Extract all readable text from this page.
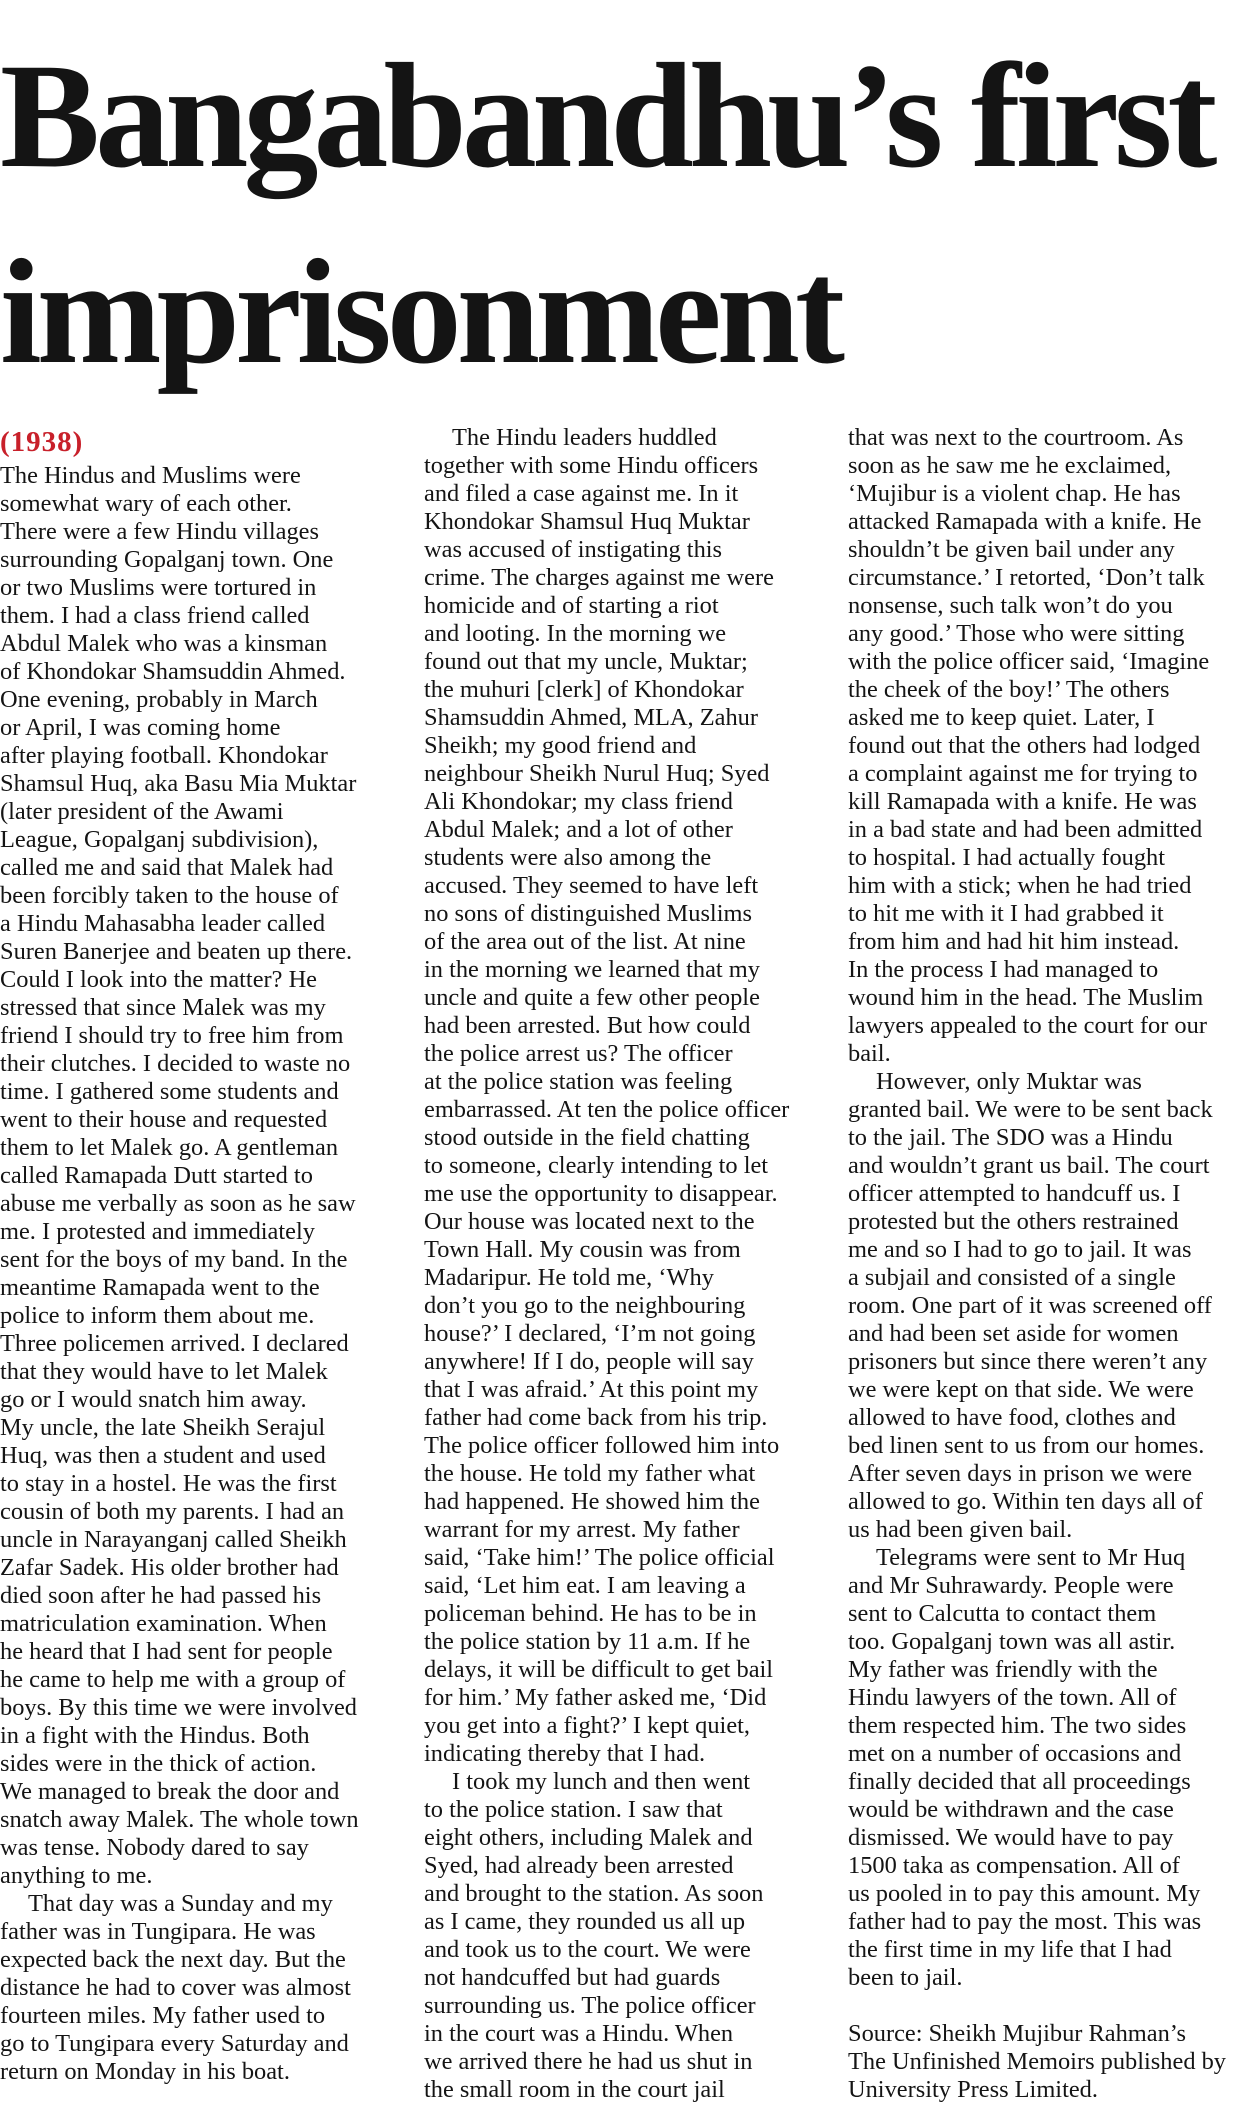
Bangabandhu’s first
imprisonment
(1938)

The Hindus and Muslims were
somewhat wary of each other.
There were a few Hindu villages
surrounding Gopalganj town. One
or two Muslims were tortured in
them. I had a class friend called
Abdul Malek who was a kinsman
of Khondokar Shamsuddin Ahmed.
One evening, probably in March
or April, I was coming home
after playing football. Khondokar
Shamsul Huq, aka Basu Mia Muktar
(later president of the Awami
League, Gopalganj subdivision),
called me and said that Malek had
been forcibly taken to the house of
a Hindu Mahasabha leader called
Suren Banerjee and beaten up there.
Could I look into the matter? He
stressed that since Malek was my
friend I should try to free him from
their clutches. I decided to waste no
time. I gathered some students and
went to their house and requested
them to let Malek go. A gentleman
called Ramapada Dutt started to
abuse me verbally as soon as he saw
me. I protested and immediately
sent for the boys of my band. In the
meantime Ramapada went to the
police to inform them about me.
Three policemen arrived. I declared
that they would have to let Malek
go or I would snatch him away.
My uncle, the late Sheikh Serajul
Huq, was then a student and used
to stay in a hostel. He was the first
cousin of both my parents. I had an
uncle in Narayanganj called Sheikh
Zafar Sadek. His older brother had
died soon after he had passed his
matriculation examination. When
he heard that I had sent for people
he came to help me with a group of
boys. By this time we were involved
in a fight with the Hindus. Both
sides were in the thick of action.
We managed to break the door and
snatch away Malek. The whole town
was tense. Nobody dared to say
anything to me.

That day was a Sunday and my
father was in Tungipara. He was
expected back the next day. But the
distance he had to cover was almost
fourteen miles. My father used to
go to Tungipara every Saturday and
return on Monday in his boat.

The Hindu leaders huddled
together with some Hindu officers
and filed a case against me. In it
Khondokar Shamsul Huq Muktar
was accused of instigating this
crime. The charges against me were
homicide and of starting a riot
and looting. In the morning we
found out that my uncle, Muktar;
the muhuri [clerk] of Khondokar
Shamsuddin Ahmed, MLA, Zahur
Sheikh; my good friend and
neighbour Sheikh Nurul Huq; Syed
Ali Khondokar; my class friend
Abdul Malek; and a lot of other
students were also among the
accused. They seemed to have left
no sons of distinguished Muslims
of the area out of the list. At nine
in the morning we learned that my
uncle and quite a few other people
had been arrested. But how could
the police arrest us? The officer
at the police station was feeling
embarrassed. At ten the police officer
stood outside in the field chatting
to someone, clearly intending to let
me use the opportunity to disappear.
Our house was located next to the
Town Hall. My cousin was from
Madaripur. He told me, ‘Why
don’t you go to the neighbouring
house?’ I declared, ‘I’m not going
anywhere! If I do, people will say
that I was afraid.’ At this point my
father had come back from his trip.
The police officer followed him into
the house. He told my father what
had happened. He showed him the
warrant for my arrest. My father
said, ‘Take him!’ The police official
said, ‘Let him eat. I am leaving a
policeman behind. He has to be in
the police station by 11 a.m. If he
delays, it will be difficult to get bail
for him.’ My father asked me, ‘Did
you get into a fight?’ I kept quiet,
indicating thereby that I had.

I took my lunch and then went
to the police station. I saw that
eight others, including Malek and
Syed, had already been arrested
and brought to the station. As soon
as I came, they rounded us all up
and took us to the court. We were
not handcuffed but had guards
surrounding us. The police officer
in the court was a Hindu. When
we arrived there he had us shut in
the small room in the court jail

that was next to the courtroom. As
soon as he saw me he exclaimed,
‘Mujibur is a violent chap. He has
attacked Ramapada with a knife. He
shouldn’t be given bail under any
circumstance.’ I retorted, ‘Don’t talk
nonsense, such talk won’t do you
any good.’ Those who were sitting
with the police officer said, ‘Imagine
the cheek of the boy!’ The others
asked me to keep quiet. Later, I
found out that the others had lodged
a complaint against me for trying to
kill Ramapada with a knife. He was
in a bad state and had been admitted
to hospital. I had actually fought
him with a stick; when he had tried
to hit me with it I had grabbed it
from him and had hit him instead.
In the process I had managed to
wound him in the head. The Muslim
lawyers appealed to the court for our
bail.

However, only Muktar was
granted bail. We were to be sent back
to the jail. The SDO was a Hindu
and wouldn’t grant us bail. The court
officer attempted to handcuff us. I
protested but the others restrained
me and so I had to go to jail. It was
a subjail and consisted of a single
room. One part of it was screened off
and had been set aside for women
prisoners but since there weren’t any
we were kept on that side. We were
allowed to have food, clothes and
bed linen sent to us from our homes.
After seven days in prison we were
allowed to go. Within ten days all of
us had been given bail.

Telegrams were sent to Mr Huq
and Mr Suhrawardy. People were
sent to Calcutta to contact them
too. Gopalganj town was all astir.
My father was friendly with the
Hindu lawyers of the town. All of
them respected him. The two sides
met on a number of occasions and
finally decided that all proceedings
would be withdrawn and the case
dismissed. We would have to pay
1500 taka as compensation. All of
us pooled in to pay this amount. My
father had to pay the most. This was
the first time in my life that I had
been to jail.

Source: Sheikh Mujibur Rahman’s
The Unfinished Memoirs published by
University Press Limited.
